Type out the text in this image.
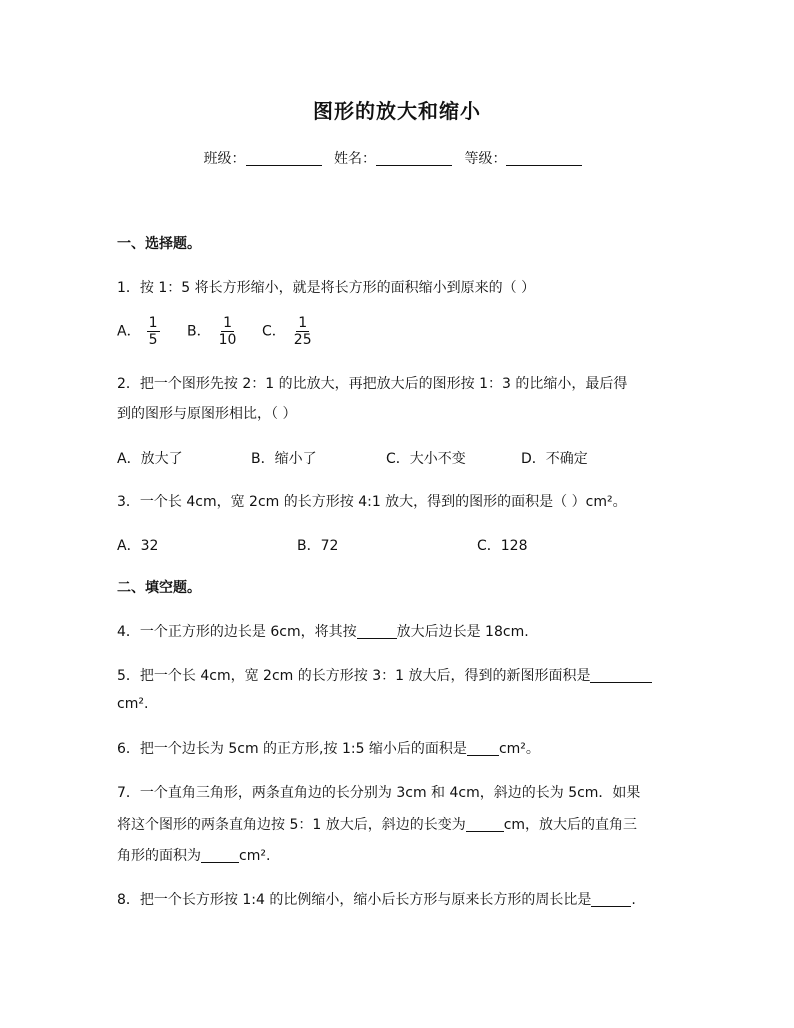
图形的放大和缩小
班级：	姓名：	等级：
一、选择题。
1．按 1：5 将长方形缩小，就是将长方形的面积缩小到原来的（ ）
A． $\frac{1}{5}$ B． $\frac{1}{10}$ C． $\frac{1}{25}$
2．把一个图形先按 2：1 的比放大，再把放大后的图形按 1：3 的比缩小，最后得
到的图形与原图形相比，（ ）
A．放大了	B．缩小了	C．大小不变	D．不确定
3．一个长 4cm，宽 2cm 的长方形按 4:1 放大，得到的图形的面积是（ ）cm²。
A．32	B．72	C．128
二、填空题。
4．一个正方形的边长是 6cm，将其按	放大后边长是 18cm.
5．把一个长 4cm，宽 2cm 的长方形按 3：1 放大后，得到的新图形面积是
cm².
6．把一个边长为 5cm 的正方形,按 1:5 缩小后的面积是 cm²。
7．一个直角三角形，两条直角边的长分别为 3cm 和 4cm，斜边的长为 5cm．如果
将这个图形的两条直角边按 5：1 放大后，斜边的长变为	cm，放大后的直角三
角形的面积为	cm².
8．把一个长方形按 1:4 的比例缩小，缩小后长方形与原来长方形的周长比是	.
